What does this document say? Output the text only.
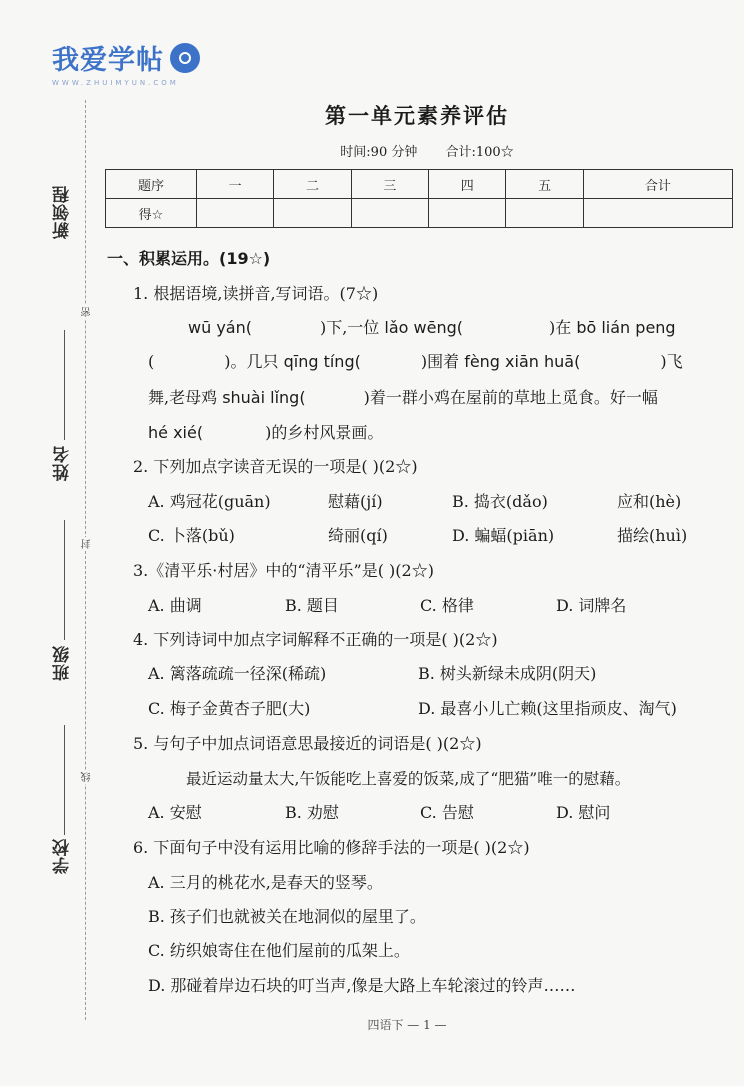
我爱学帖
WWW.ZHUIMYUN.COM
新领程
姓名
班级
学校
密
封
线
第一单元素养评估
时间:90 分钟 合计:100☆
题序	一	二	三	四	五	合计
得☆						
一、积累运用。(19☆)
1. 根据语境,读拼音,写词语。(7☆)
wū yán(	)下,一位 lǎo wēng(	)在 bō lián peng
(	)。几只 qīng tíng(	)围着 fèng xiān huā(	)飞
舞,老母鸡 shuài lǐng(	)着一群小鸡在屋前的草地上觅食。好一幅
hé xié(	)的乡村风景画。
2. 下列加点字读音无误的一项是( )(2☆)
A. 鸡冠花(guān)	慰藉(jí)	B. 捣衣(dǎo)	应和(hè)
C. 卜落(bǔ)	绮丽(qí)	D. 蝙蝠(piān)	描绘(huì)
3.《清平乐·村居》中的“清平乐”是( )(2☆)
A. 曲调	B. 题目	C. 格律	D. 词牌名
4. 下列诗词中加点字词解释不正确的一项是( )(2☆)
A. 篱落疏疏一径深(稀疏)	B. 树头新绿未成阴(阴天)
C. 梅子金黄杏子肥(大)	D. 最喜小儿亡赖(这里指顽皮、淘气)
5. 与句子中加点词语意思最接近的词语是( )(2☆)
最近运动量太大,午饭能吃上喜爱的饭菜,成了“肥猫”唯一的慰藉。
A. 安慰	B. 劝慰	C. 告慰	D. 慰问
6. 下面句子中没有运用比喻的修辞手法的一项是( )(2☆)
A. 三月的桃花水,是春天的竖琴。
B. 孩子们也就被关在地洞似的屋里了。
C. 纺织娘寄住在他们屋前的瓜架上。
D. 那碰着岸边石块的叮当声,像是大路上车轮滚过的铃声……
四语下 — 1 —
